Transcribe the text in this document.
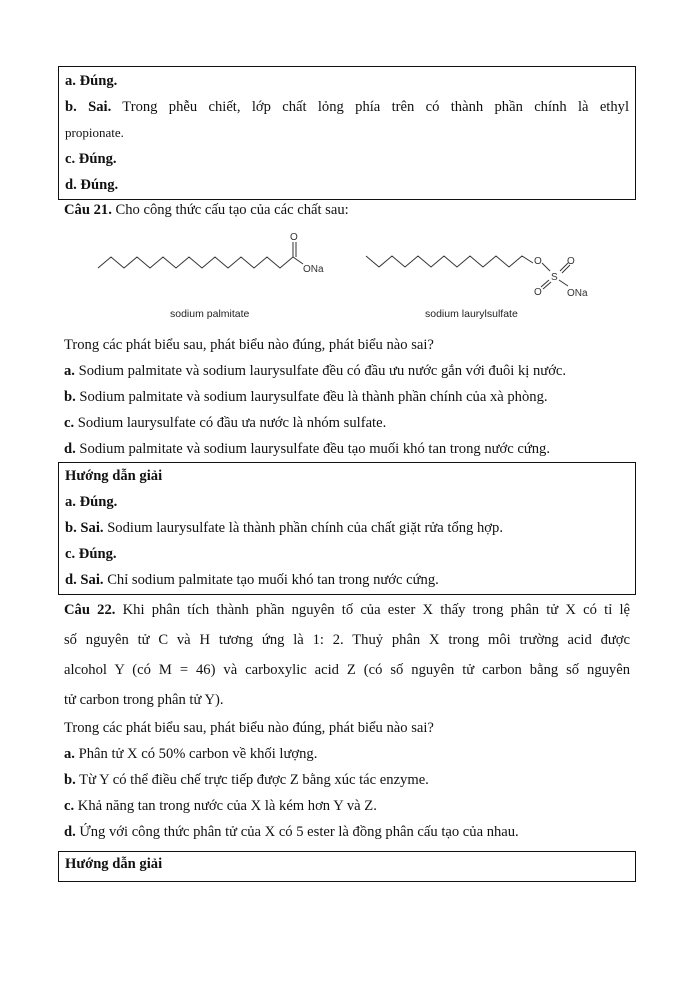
a. Đúng.
b. Sai. Trong phễu chiết, lớp chất lỏng phía trên có thành phần chính là ethyl
propionate.
c. Đúng.
d. Đúng.
Câu 21. Cho công thức cấu tạo của các chất sau:
O
ONa
O
S
O
O	ONa
sodium palmitate	sodium laurylsulfate
Trong các phát biểu sau, phát biểu nào đúng, phát biểu nào sai?
a. Sodium palmitate và sodium laurysulfate đều có đầu ưu nước gắn với đuôi kị nước.
b. Sodium palmitate và sodium laurysulfate đều là thành phần chính của xà phòng.
c. Sodium laurysulfate có đầu ưa nước là nhóm sulfate.
d. Sodium palmitate và sodium laurysulfate đều tạo muối khó tan trong nước cứng.
Hướng dẫn giải
a. Đúng.
b. Sai. Sodium laurysulfate là thành phần chính của chất giặt rửa tổng hợp.
c. Đúng.
d. Sai. Chỉ sodium palmitate tạo muối khó tan trong nước cứng.
Câu 22. Khi phân tích thành phần nguyên tố của ester X thấy trong phân tử X có tỉ lệ
số nguyên tử C và H tương ứng là 1: 2. Thuỷ phân X trong môi trường acid được
alcohol Y (có M = 46) và carboxylic acid Z (có số nguyên tử carbon bằng số nguyên
tử carbon trong phân tử Y).
Trong các phát biểu sau, phát biểu nào đúng, phát biểu nào sai?
a. Phân tử X có 50% carbon về khối lượng.
b. Từ Y có thể điều chế trực tiếp được Z bằng xúc tác enzyme.
c. Khả năng tan trong nước của X là kém hơn Y và Z.
d. Ứng với công thức phân tử của X có 5 ester là đồng phân cấu tạo của nhau.
Hướng dẫn giải
